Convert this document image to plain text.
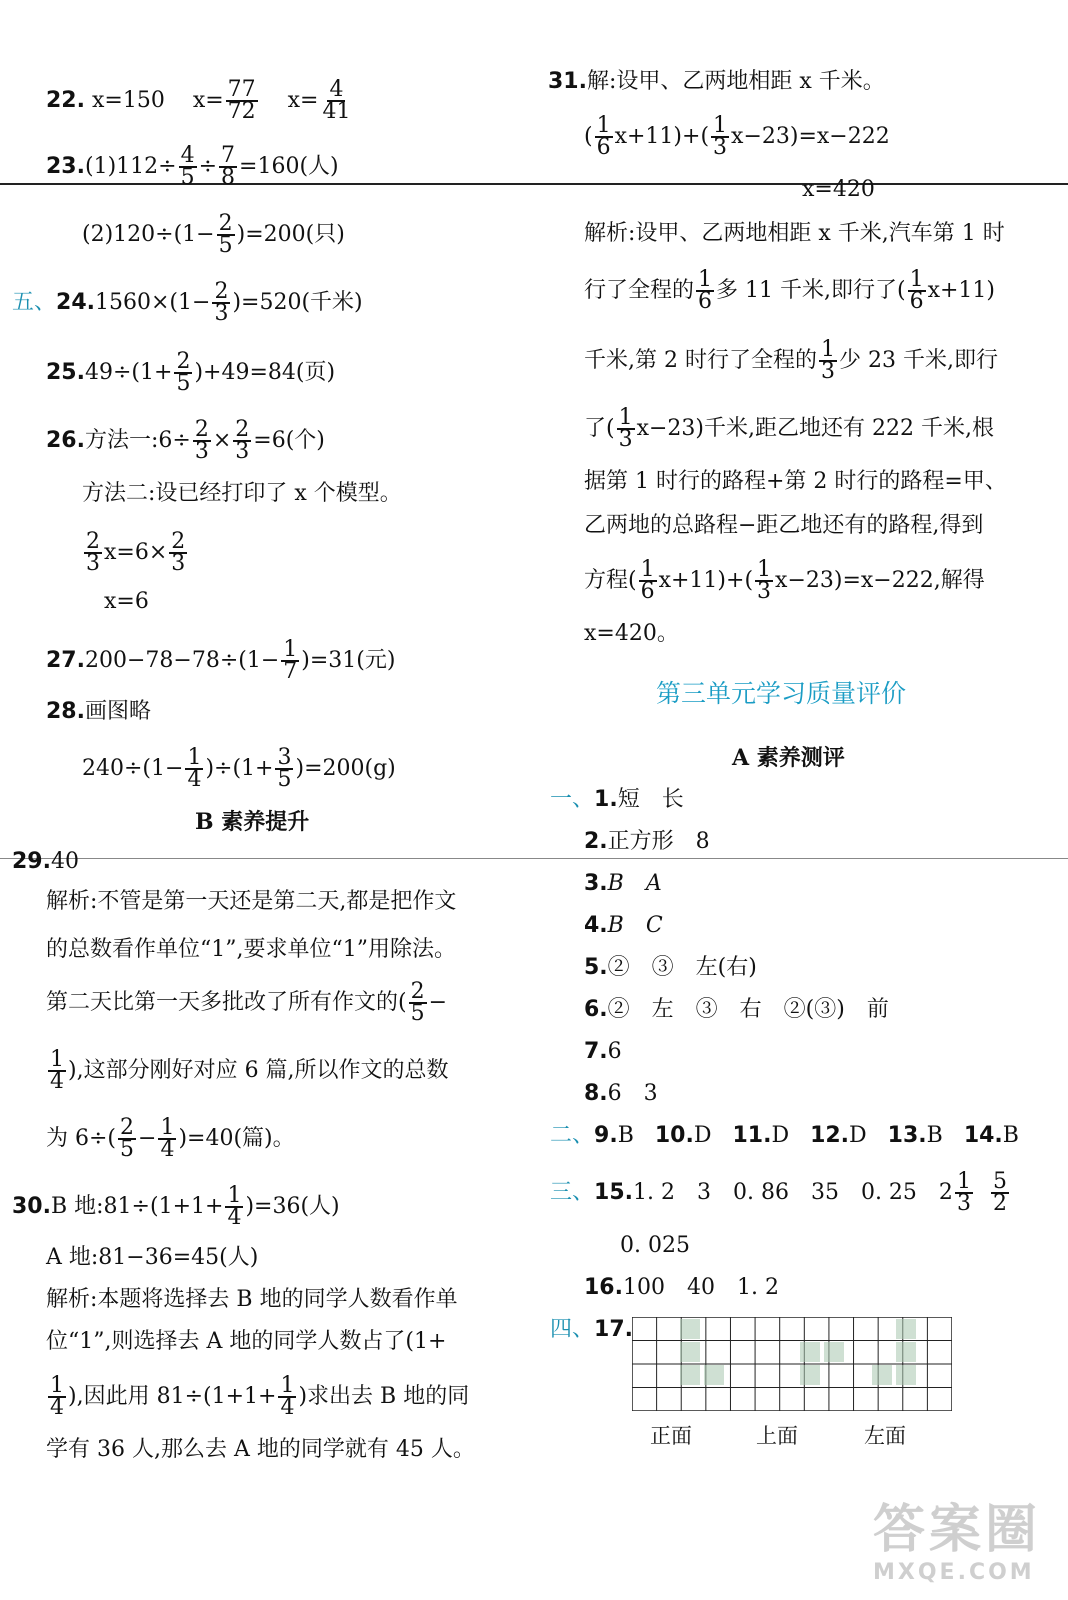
22. x=150 $x= \frac{77}{72} x= \frac{4}{41}$
$23.(1)112\div \frac{4}{5} \div \frac{7}{8} =160$(人)
$(2)120\div(1- \frac{2}{5} )=200$(只)
五、$24.1560\times(1- \frac{2}{3} )=520$(千米)
$25.49\div(1+ \frac{2}{5} )+49=84$(页)
26.方法一:6÷ $\frac{2}{3} \times \frac{2}{3} =6$(个)
方法二:设已经打印了 x 个模型。
$\frac{2}{3} x=6\times \frac{2}{3}$
x=6
$27.200-78-78\div(1- \frac{1}{7} )=31$(元)
28.画图略
$240\div(1- \frac{1}{4} )\div(1+ \frac{3}{5} )=200(g)$
B 素养提升
29.40
解析:不管是第一天还是第二天,都是把作文
的总数看作单位“1”,要求单位“1”用除法。
第二天比第一天多批改了所有作文的( $\frac{2}{5}$ −
$\frac{1}{4}$ ),这部分刚好对应 6 篇,所以作文的总数
为 $6\div( \frac{2}{5} - \frac{1}{4} )=40$(篇)。
30.B 地:81÷(1+1+ $\frac{1}{4} )=36$(人)
A 地:81−36=45(人)
解析:本题将选择去 B 地的同学人数看作单
位“1”,则选择去 A 地的同学人数占了(1+
$\frac{1}{4}$ ),因此用 $81\div(1+1+ \frac{1}{4}$ )求出去 B 地的同
学有 36 人,那么去 A 地的同学就有 45 人。
31.解:设甲、乙两地相距 x 千米。
( $\frac{1}{6} x+11)+( \frac{1}{3} x-23)=x-222$
x=420
解析:设甲、乙两地相距 x 千米,汽车第 1 时
行了全程的 $\frac{1}{6}$ 多 11 千米,即行了( $\frac{1}{6} x+11$)
千米,第 2 时行了全程的 $\frac{1}{3}$ 少 23 千米,即行
了( $\frac{1}{3} x-23$)千米,距乙地还有 222 千米,根
据第 1 时行的路程+第 2 时行的路程=甲、
乙两地的总路程−距乙地还有的路程,得到
方程( $\frac{1}{6} x+11)+( \frac{1}{3} x-23)=x-222$,解得
x=420。
第三单元学习质量评价
A 素养测评
一、1.短　长
2.正方形　8
3.B　A
4.B　C
5.②　③　左(右)
6.②　左　③　右　②(③)　前
7.6
8.6　3
二、9.B 10.D 11.D 12.D 13.B 14.B
三、15.1. 2　3　0. 86　35　0. 25　$2 \frac{1}{3}$
$\frac{5}{2}$
0. 025
16.100　40　1. 2
四、17.
正面	上面	左面
答案圈
MXQE.COM
